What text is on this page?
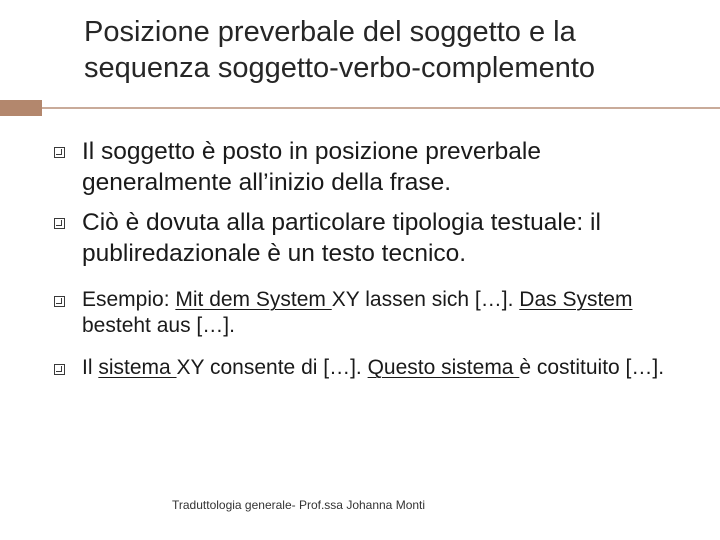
Posizione preverbale del soggetto e la sequenza soggetto-verbo-complemento
Il soggetto è posto in posizione preverbale generalmente all’inizio della frase.
Ciò è dovuta alla particolare tipologia testuale: il publiredazionale è un testo tecnico.
Esempio: Mit dem System XY lassen sich […]. Das System besteht aus […].
Il sistema XY consente di […]. Questo sistema è costituito […].
Traduttologia generale- Prof.ssa Johanna Monti
